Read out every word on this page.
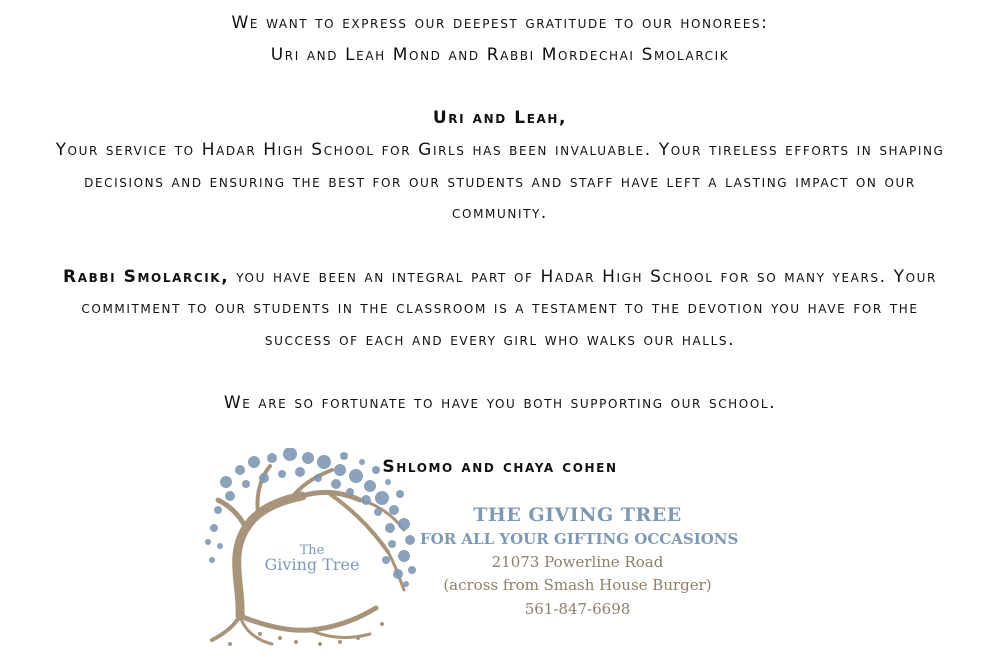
We want to express our deepest gratitude to our honorees:
Uri and Leah Mond and Rabbi Mordechai Smolarcik
Uri and Leah,
Your service to Hadar High School for Girls has been invaluable. Your tireless efforts in shaping
decisions and ensuring the best for our students and staff have left a lasting impact on our
community.
Rabbi Smolarcik, you have been an integral part of Hadar High School for so many years. Your
commitment to our students in the classroom is a testament to the devotion you have for the
success of each and every girl who walks our halls.
We are so fortunate to have you both supporting our school.
Shlomo and chaya cohen
The
Giving Tree
THE GIVING TREE
FOR ALL YOUR GIFTING OCCASIONS
21073 Powerline Road
(across from Smash House Burger)
561-847-6698
